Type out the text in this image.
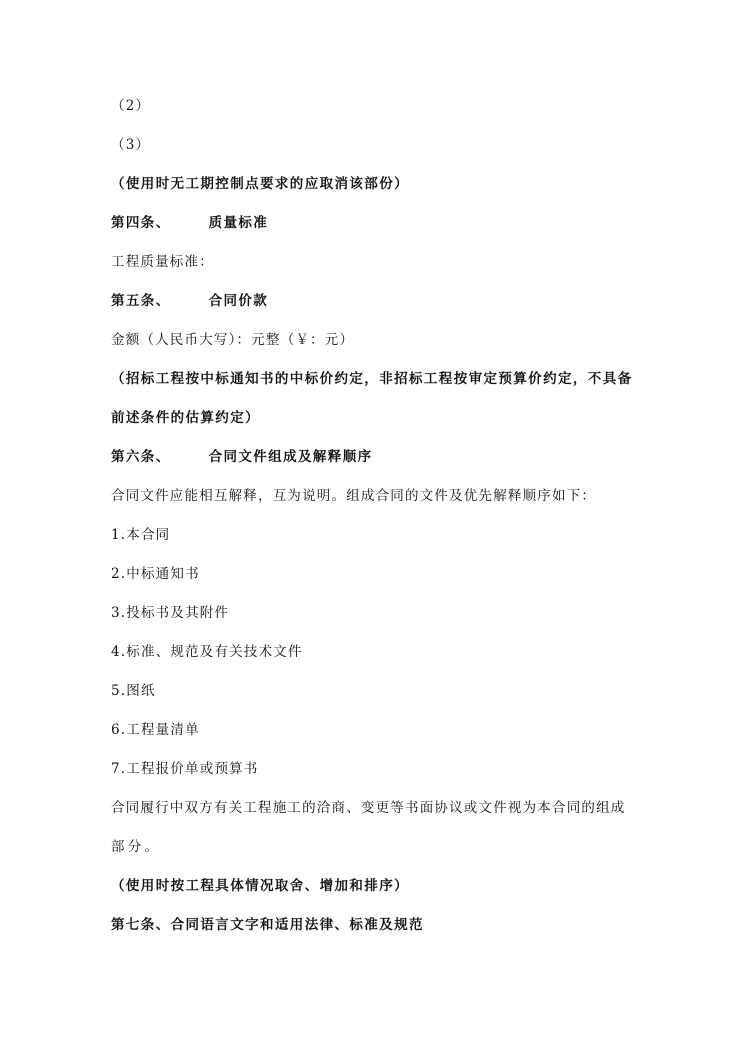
（2）
（3）
（使用时无工期控制点要求的应取消该部份）
第四条、	质量标准
工程质量标准：
第五条、	合同价款
金额（人民币大写）：元整（￥：元）
（招标工程按中标通知书的中标价约定，非招标工程按审定预算价约定，不具备
前述条件的估算约定）
第六条、	合同文件组成及解释顺序
合同文件应能相互解释，互为说明。组成合同的文件及优先解释顺序如下：
1.本合同
2.中标通知书
3.投标书及其附件
4.标准、规范及有关技术文件
5.图纸
6.工程量清单
7.工程报价单或预算书
合同履行中双方有关工程施工的洽商、变更等书面协议或文件视为本合同的组成
部分。
（使用时按工程具体情况取舍、增加和排序）
第七条、合同语言文字和适用法律、标准及规范
